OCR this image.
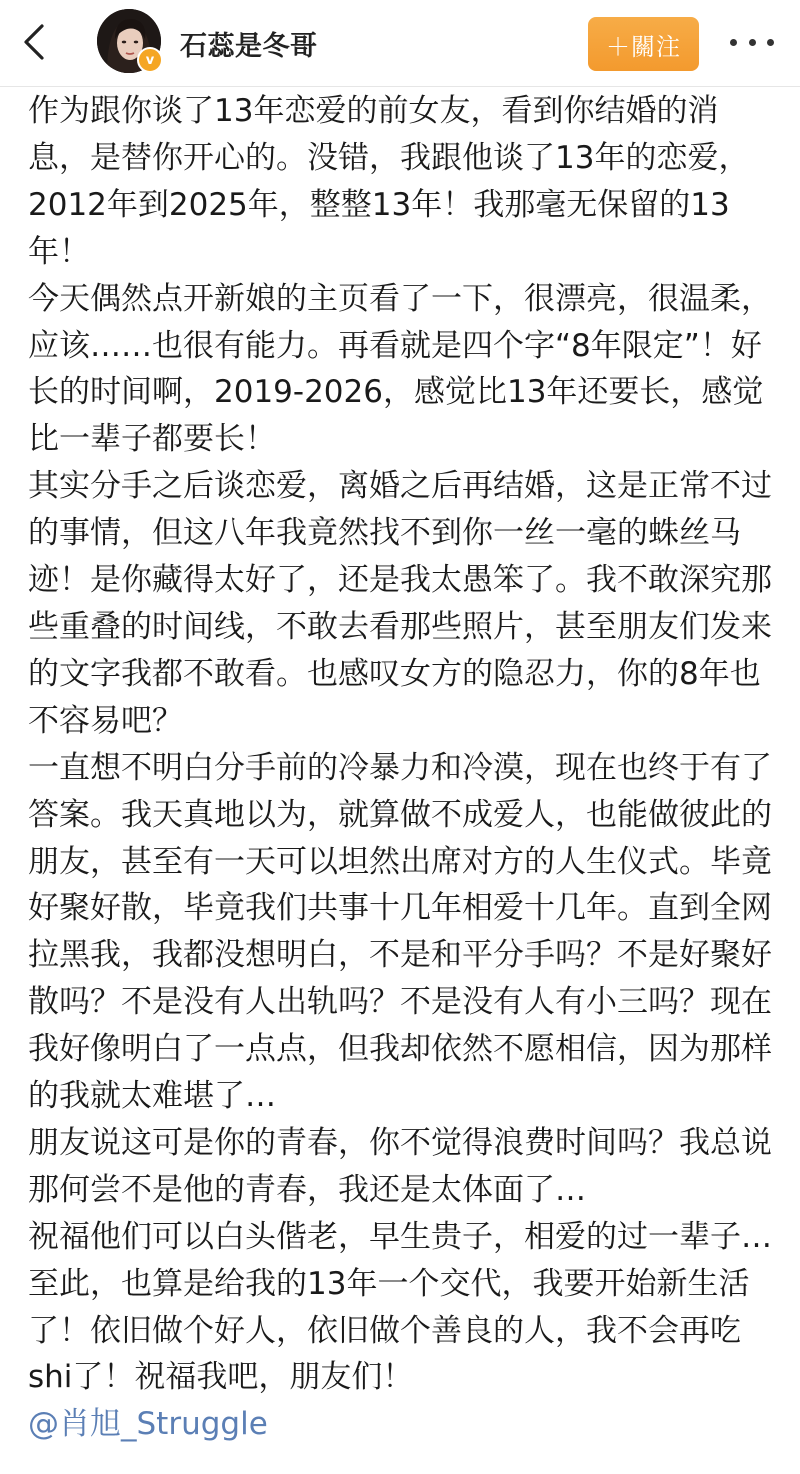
v 石蕊是冬哥	＋關注

作为跟你谈了13年恋爱的前女友，看到你结婚的消息，是替你开心的。没错，我跟他谈了13年的恋爱，2012年到2025年，整整13年！我那毫无保留的13年！

今天偶然点开新娘的主页看了一下，很漂亮，很温柔，应该……也很有能力。再看就是四个字“8年限定”！好长的时间啊，2019-2026，感觉比13年还要长，感觉比一辈子都要长！

其实分手之后谈恋爱，离婚之后再结婚，这是正常不过的事情，但这八年我竟然找不到你一丝一毫的蛛丝马迹！是你藏得太好了，还是我太愚笨了。我不敢深究那些重叠的时间线，不敢去看那些照片，甚至朋友们发来的文字我都不敢看。也感叹女方的隐忍力，你的8年也不容易吧？

一直想不明白分手前的冷暴力和冷漠，现在也终于有了答案。我天真地以为，就算做不成爱人，也能做彼此的朋友，甚至有一天可以坦然出席对方的人生仪式。毕竟好聚好散，毕竟我们共事十几年相爱十几年。直到全网拉黑我，我都没想明白，不是和平分手吗？不是好聚好散吗？不是没有人出轨吗？不是没有人有小三吗？现在我好像明白了一点点，但我却依然不愿相信，因为那样的我就太难堪了…

朋友说这可是你的青春，你不觉得浪费时间吗？我总说那何尝不是他的青春，我还是太体面了…

祝福他们可以白头偕老，早生贵子，相爱的过一辈子…

至此，也算是给我的13年一个交代，我要开始新生活了！依旧做个好人，依旧做个善良的人，我不会再吃shi了！祝福我吧，朋友们！

@肖旭_Struggle
